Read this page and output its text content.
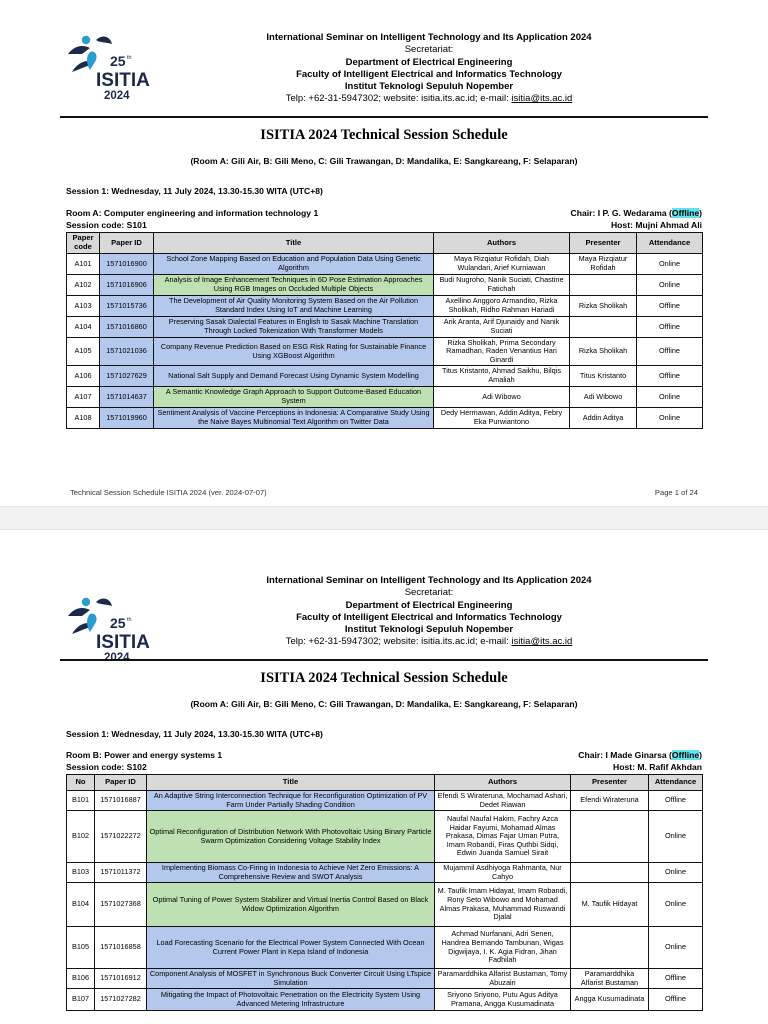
25 th
ISITIA
2024
International Seminar on Intelligent Technology and Its Application 2024
Secretariat:
Department of Electrical Engineering
Faculty of Intelligent Electrical and Informatics Technology
Institut Teknologi Sepuluh Nopember
Telp: +62-31-5947302; website: isitia.its.ac.id; e-mail: isitia@its.ac.id
ISITIA 2024 Technical Session Schedule
(Room A: Gili Air, B: Gili Meno, C: Gili Trawangan, D: Mandalika, E: Sangkareang, F: Selaparan)
Session 1: Wednesday, 11 July 2024, 13.30-15.30 WITA (UTC+8)
Room A: Computer engineering and information technology 1
Session code: S101
Chair: I P. G. Wedarama (Offline)
Host: Mujni Ahmad Ali
Paper code	Paper ID	Title	Authors	Presenter	Attendance
A101	1571016900	School Zone Mapping Based on Education and Population Data Using Genetic Algorithm	Maya Rizqiatur Rofidah, Diah Wulandari, Arief Kurniawan	Maya Rizqiatur Rofidah	Online
A102	1571016906	Analysis of Image Enhancement Techniques in 6D Pose Estimation Approaches Using RGB Images on Occluded Multiple Objects	Budi Nugroho, Nanik Suciati, Chastine Fatichah		Online
A103	1571015736	The Development of Air Quality Monitoring System Based on the Air Pollution Standard Index Using IoT and Machine Learning	Axellino Anggoro Armandito, Rizka Sholikah, Ridho Rahman Hariadi	Rizka Sholikah	Offline
A104	1571016860	Preserving Sasak Dialectal Features in English to Sasak Machine Translation Through Locked Tokenization With Transformer Models	Arik Aranta, Arif Djunaidy and Nanik Suciati		Offline
A105	1571021036	Company Revenue Prediction Based on ESG Risk Rating for Sustainable Finance Using XGBoost Algorithm	Rizka Sholikah, Prima Secondary Ramadhan, Raden Venantius Hari Ginardi	Rizka Sholikah	Offline
A106	1571027629	National Salt Supply and Demand Forecast Using Dynamic System Modelling	Titus Kristanto, Ahmad Saikhu, Bilqis Amaliah	Titus Kristanto	Offline
A107	1571014637	A Semantic Knowledge Graph Approach to Support Outcome-Based Education System	Adi Wibowo	Adi Wibowo	Online
A108	1571019960	Sentiment Analysis of Vaccine Perceptions in Indonesia: A Comparative Study Using the Naive Bayes Multinomial Text Algorithm on Twitter Data	Dedy Hermawan, Addin Aditya, Febry Eka Purwiantono	Addin Aditya	Online
Technical Session Schedule ISITIA 2024 (ver. 2024-07-07)	Page 1 of 24
25 th
ISITIA
2024
International Seminar on Intelligent Technology and Its Application 2024
Secretariat:
Department of Electrical Engineering
Faculty of Intelligent Electrical and Informatics Technology
Institut Teknologi Sepuluh Nopember
Telp: +62-31-5947302; website: isitia.its.ac.id; e-mail: isitia@its.ac.id
ISITIA 2024 Technical Session Schedule
(Room A: Gili Air, B: Gili Meno, C: Gili Trawangan, D: Mandalika, E: Sangkareang, F: Selaparan)
Session 1: Wednesday, 11 July 2024, 13.30-15.30 WITA (UTC+8)
Room B: Power and energy systems 1
Session code: S102
Chair: I Made Ginarsa (Offline)
Host: M. Rafif Akhdan
No	Paper ID	Title	Authors	Presenter	Attendance
B101	1571016887	An Adaptive String Interconnection Technique for Reconfiguration Optimization of PV Farm Under Partially Shading Condition	Efendi S Wirateruna, Mochamad Ashari, Dedet Riawan	Efendi Wirateruna	Offline
B102	1571022272	Optimal Reconfiguration of Distribution Network With Photovoltaic Using Binary Particle Swarm Optimization Considering Voltage Stability Index	Naufal Naufal Hakim, Fachry Azca Haidar Fayumi, Mohamad Almas Prakasa, Dimas Fajar Uman Putra, Imam Robandi, Firas Quthbi Sidqi, Edwin Juanda Samuel Sirait		Online
B103	1571011372	Implementing Biomass Co-Firing in Indonesia to Achieve Net Zero Emissions: A Comprehensive Review and SWOT Analysis	Mujammil Asdhiyoga Rahmanta, Nur Cahyo		Online
B104	1571027368	Optimal Tuning of Power System Stabilizer and Virtual Inertia Control Based on Black Widow Optimization Algorithm	M. Taufik Imam Hidayat, Imam Robandi, Rony Seto Wibowo and Mohamad Almas Prakasa, Muhammad Ruswandi Djalal	M. Taufik Hidayat	Online
B105	1571016858	Load Forecasting Scenario for the Electrical Power System Connected With Ocean Current Power Plant in Kepa Island of Indonesia	Achmad Nurfanani, Adri Senen, Handrea Bernando Tambunan, Wigas Digwijaya, I. K. Agia Fidran, Jihan Fadhilah		Online
B106	1571016912	Component Analysis of MOSFET in Synchronous Buck Converter Circuit Using LTspice Simulation	Paramarddhika Alfarist Bustaman, Tomy Abuzairi	Paramarddhika Alfarist Bustaman	Offline
B107	1571027282	Mitigating the Impact of Photovoltaic Penetration on the Electricity System Using Advanced Metering Infrastructure	Sriyono Sriyono, Putu Agus Aditya Pramana, Angga Kusumadinata	Angga Kusumadinata	Offline
